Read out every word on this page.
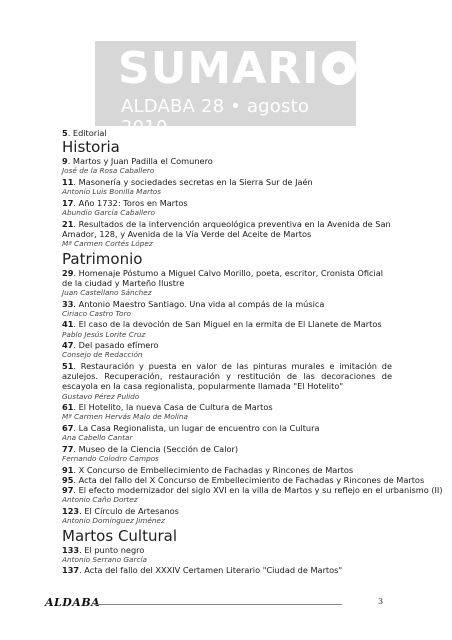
SUMARI
ALDABA 28 • agosto 2010
5. Editorial
Historia
9. Martos y Juan Padilla el Comunero
José de la Rosa Caballero
11. Masonería y sociedades secretas en la Sierra Sur de Jaén
Antonio Luis Bonilla Martos
17. Año 1732: Toros en Martos
Abundio García Caballero
21. Resultados de la intervención arqueológica preventiva en la Avenida de San Amador, 128, y Avenida de la Vía Verde del Aceite de Martos
Mª Carmen Cortés López
Patrimonio
29. Homenaje Póstumo a Miguel Calvo Morillo, poeta, escritor, Cronista Oficial de la ciudad y Marteño Ilustre
Juan Castellano Sánchez
33. Antonio Maestro Santiago. Una vida al compás de la música
Ciriaco Castro Toro
41. El caso de la devoción de San Miguel en la ermita de El Llanete de Martos
Pablo Jesús Lorite Cruz
47. Del pasado efímero
Consejo de Redacción
51. Restauración y puesta en valor de las pinturas murales e imitación de azulejos. Recuperación, restauración y restitución de las decoraciones de escayola en la casa regionalista, popularmente llamada "El Hotelito"
Gustavo Pérez Pulido
61. El Hotelito, la nueva Casa de Cultura de Martos
Mª Carmen Hervás Malo de Molina
67. La Casa Regionalista, un lugar de encuentro con la Cultura
Ana Cabello Cantar
77. Museo de la Ciencia (Sección de Calor)
Fernando Colodro Campos
91. X Concurso de Embellecimiento de Fachadas y Rincones de Martos
95. Acta del fallo del X Concurso de Embellecimiento de Fachadas y Rincones de Martos
97. El efecto modernizador del siglo XVI en la villa de Martos y su reflejo en el urbanismo (II)
Antonio Caño Dortez
123. El Círculo de Artesanos
Antonio Domínguez Jiménez
Martos Cultural
133. El punto negro
Antonio Serrano García
137. Acta del fallo del XXXIV Certamen Literario "Ciudad de Martos"
ALDABA	3
